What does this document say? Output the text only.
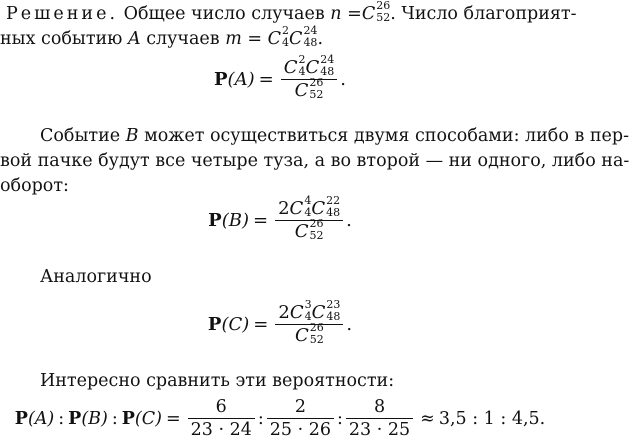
Решение. Общее число случаев n =C 26
52 . Число благоприят-
ных событию A случаев m = C 2
4 C 24
48 .
P (A) = C 2
4 C 24
48
C 26
52 .
Событие B может осуществиться двумя способами: либо в пер-
вой пачке будут все четыре туза, а во второй — ни одного, либо на-
оборот:
P (B) = 2C 4
4 C 22
48
C 26
52 .
Аналогично
P (C) = 2C 3
4 C 23
48
C 26
52 .
Интересно сравнить эти вероятности:
P (A) : P (B) : P $(C) = \frac{6}{23 \cdot 24}$ : $\frac{2}{25 \cdot 26}$ : $\frac{8}{23 \cdot 25} \approx 3,5$ : 1 : 4,5.
